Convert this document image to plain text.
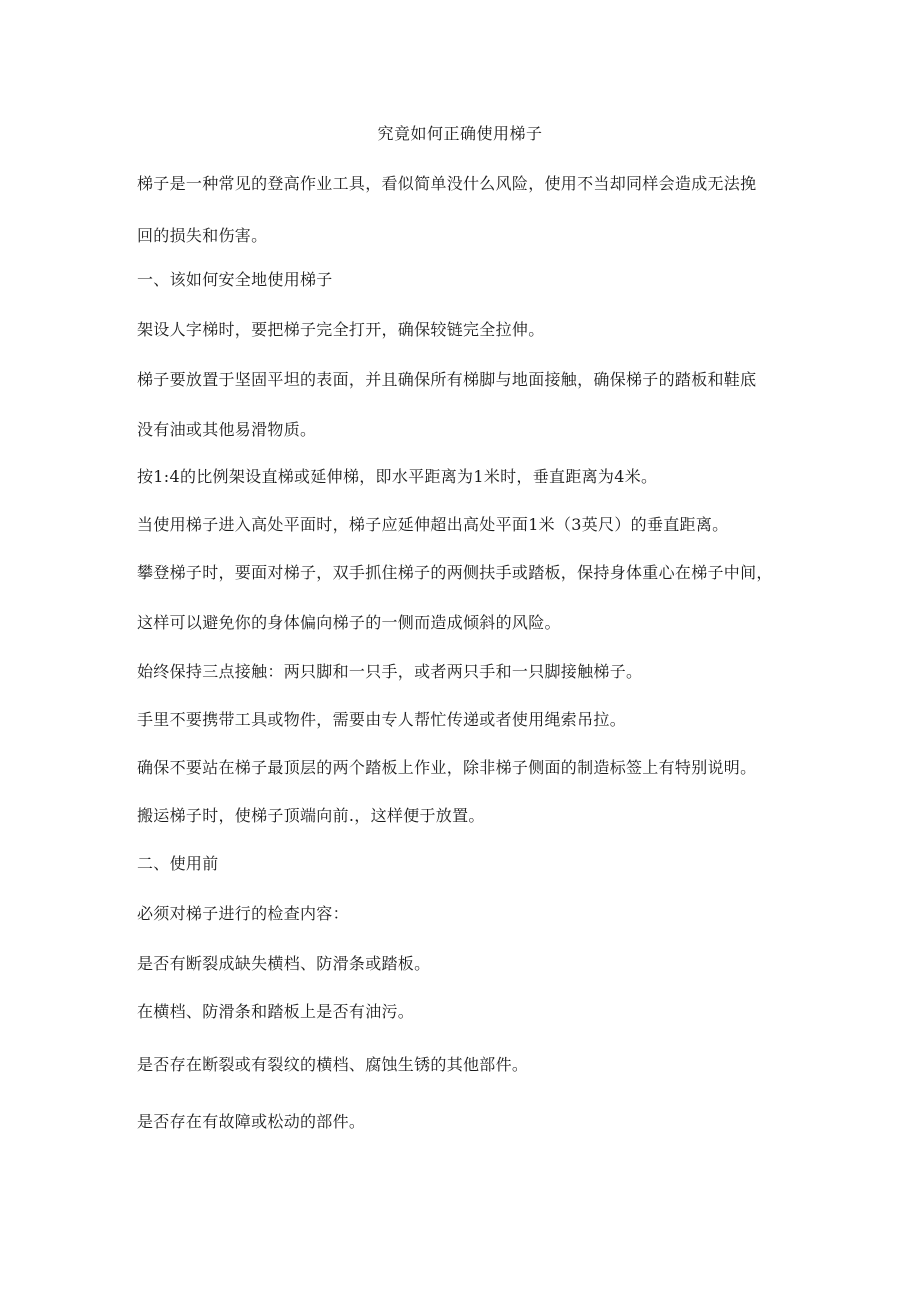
究竟如何正确使用梯子
梯子是一种常见的登高作业工具，看似简单没什么风险，使用不当却同样会造成无法挽
回的损失和伤害。
一、该如何安全地使用梯子
架设人字梯时，要把梯子完全打开，确保较链完全拉伸。
梯子要放置于坚固平坦的表面，并且确保所有梯脚与地面接触，确保梯子的踏板和鞋底
没有油或其他易滑物质。
按1:4的比例架设直梯或延伸梯，即水平距离为1米时，垂直距离为4米。
当使用梯子进入高处平面时，梯子应延伸超出高处平面1米（3英尺）的垂直距离。
攀登梯子时，要面对梯子，双手抓住梯子的两侧扶手或踏板，保持身体重心在梯子中间，
这样可以避免你的身体偏向梯子的一侧而造成倾斜的风险。
始终保持三点接触：两只脚和一只手，或者两只手和一只脚接触梯子。
手里不要携带工具或物件，需要由专人帮忙传递或者使用绳索吊拉。
确保不要站在梯子最顶层的两个踏板上作业，除非梯子侧面的制造标签上有特别说明。
搬运梯子时，使梯子顶端向前.，这样便于放置。
二、使用前
必须对梯子进行的检查内容：
是否有断裂成缺失横档、防滑条或踏板。
在横档、防滑条和踏板上是否有油污。
是否存在断裂或有裂纹的横档、腐蚀生锈的其他部件。
是否存在有故障或松动的部件。
